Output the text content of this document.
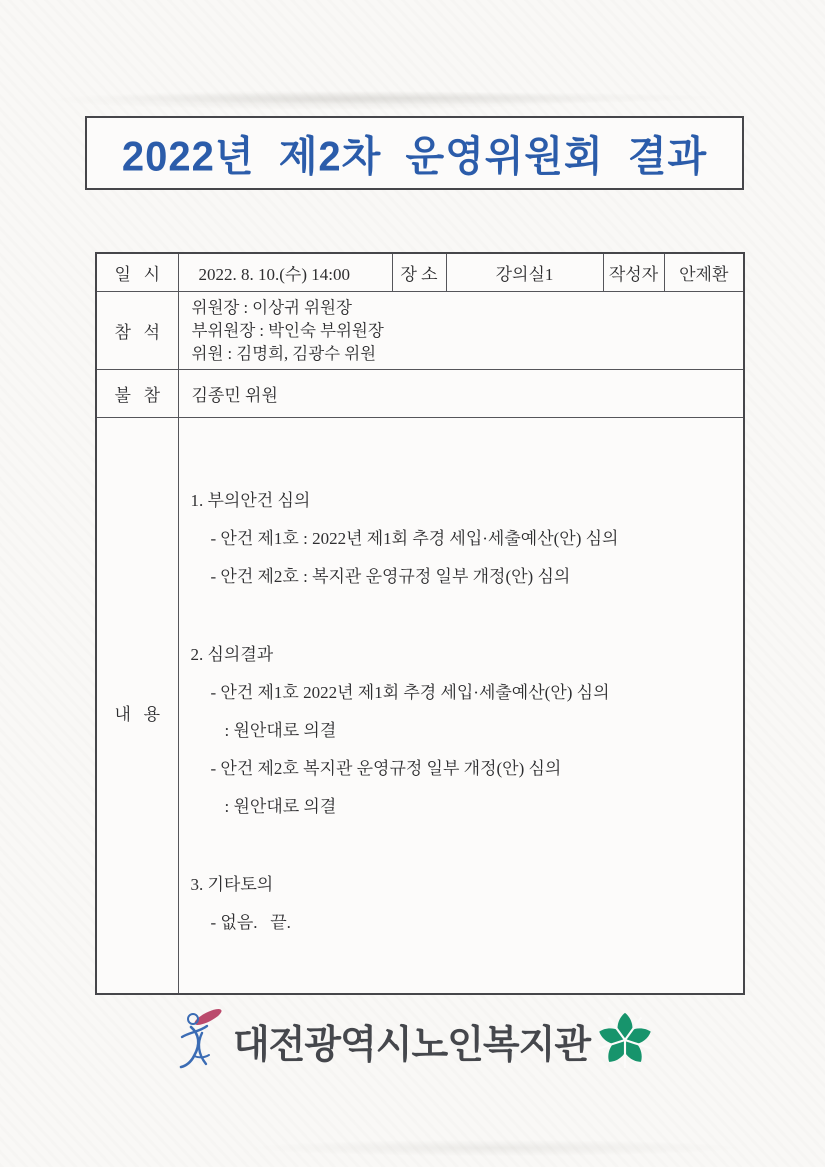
2022년  제2차  운영위원회  결과
일   시	2022. 8. 10.(수) 14:00	장 소	강의실1	작성자	안제환
참   석	위원장 : 이상귀 위원장
부위원장 : 박인숙 부위원장
위원 : 김명희, 김광수 위원				

불   참	김종민 위원				
내   용	
1. 부의안건 심의
- 안건 제1호 : 2022년 제1회 추경 세입·세출예산(안) 심의
- 안건 제2호 : 복지관 운영규정 일부 개정(안) 심의
2. 심의결과
- 안건 제1호 2022년 제1회 추경 세입·세출예산(안) 심의
: 원안대로 의결
- 안건 제2호 복지관 운영규정 일부 개정(안) 심의
: 원안대로 의결
3. 기타토의
- 없음.   끝.
대전광역시노인복지관
